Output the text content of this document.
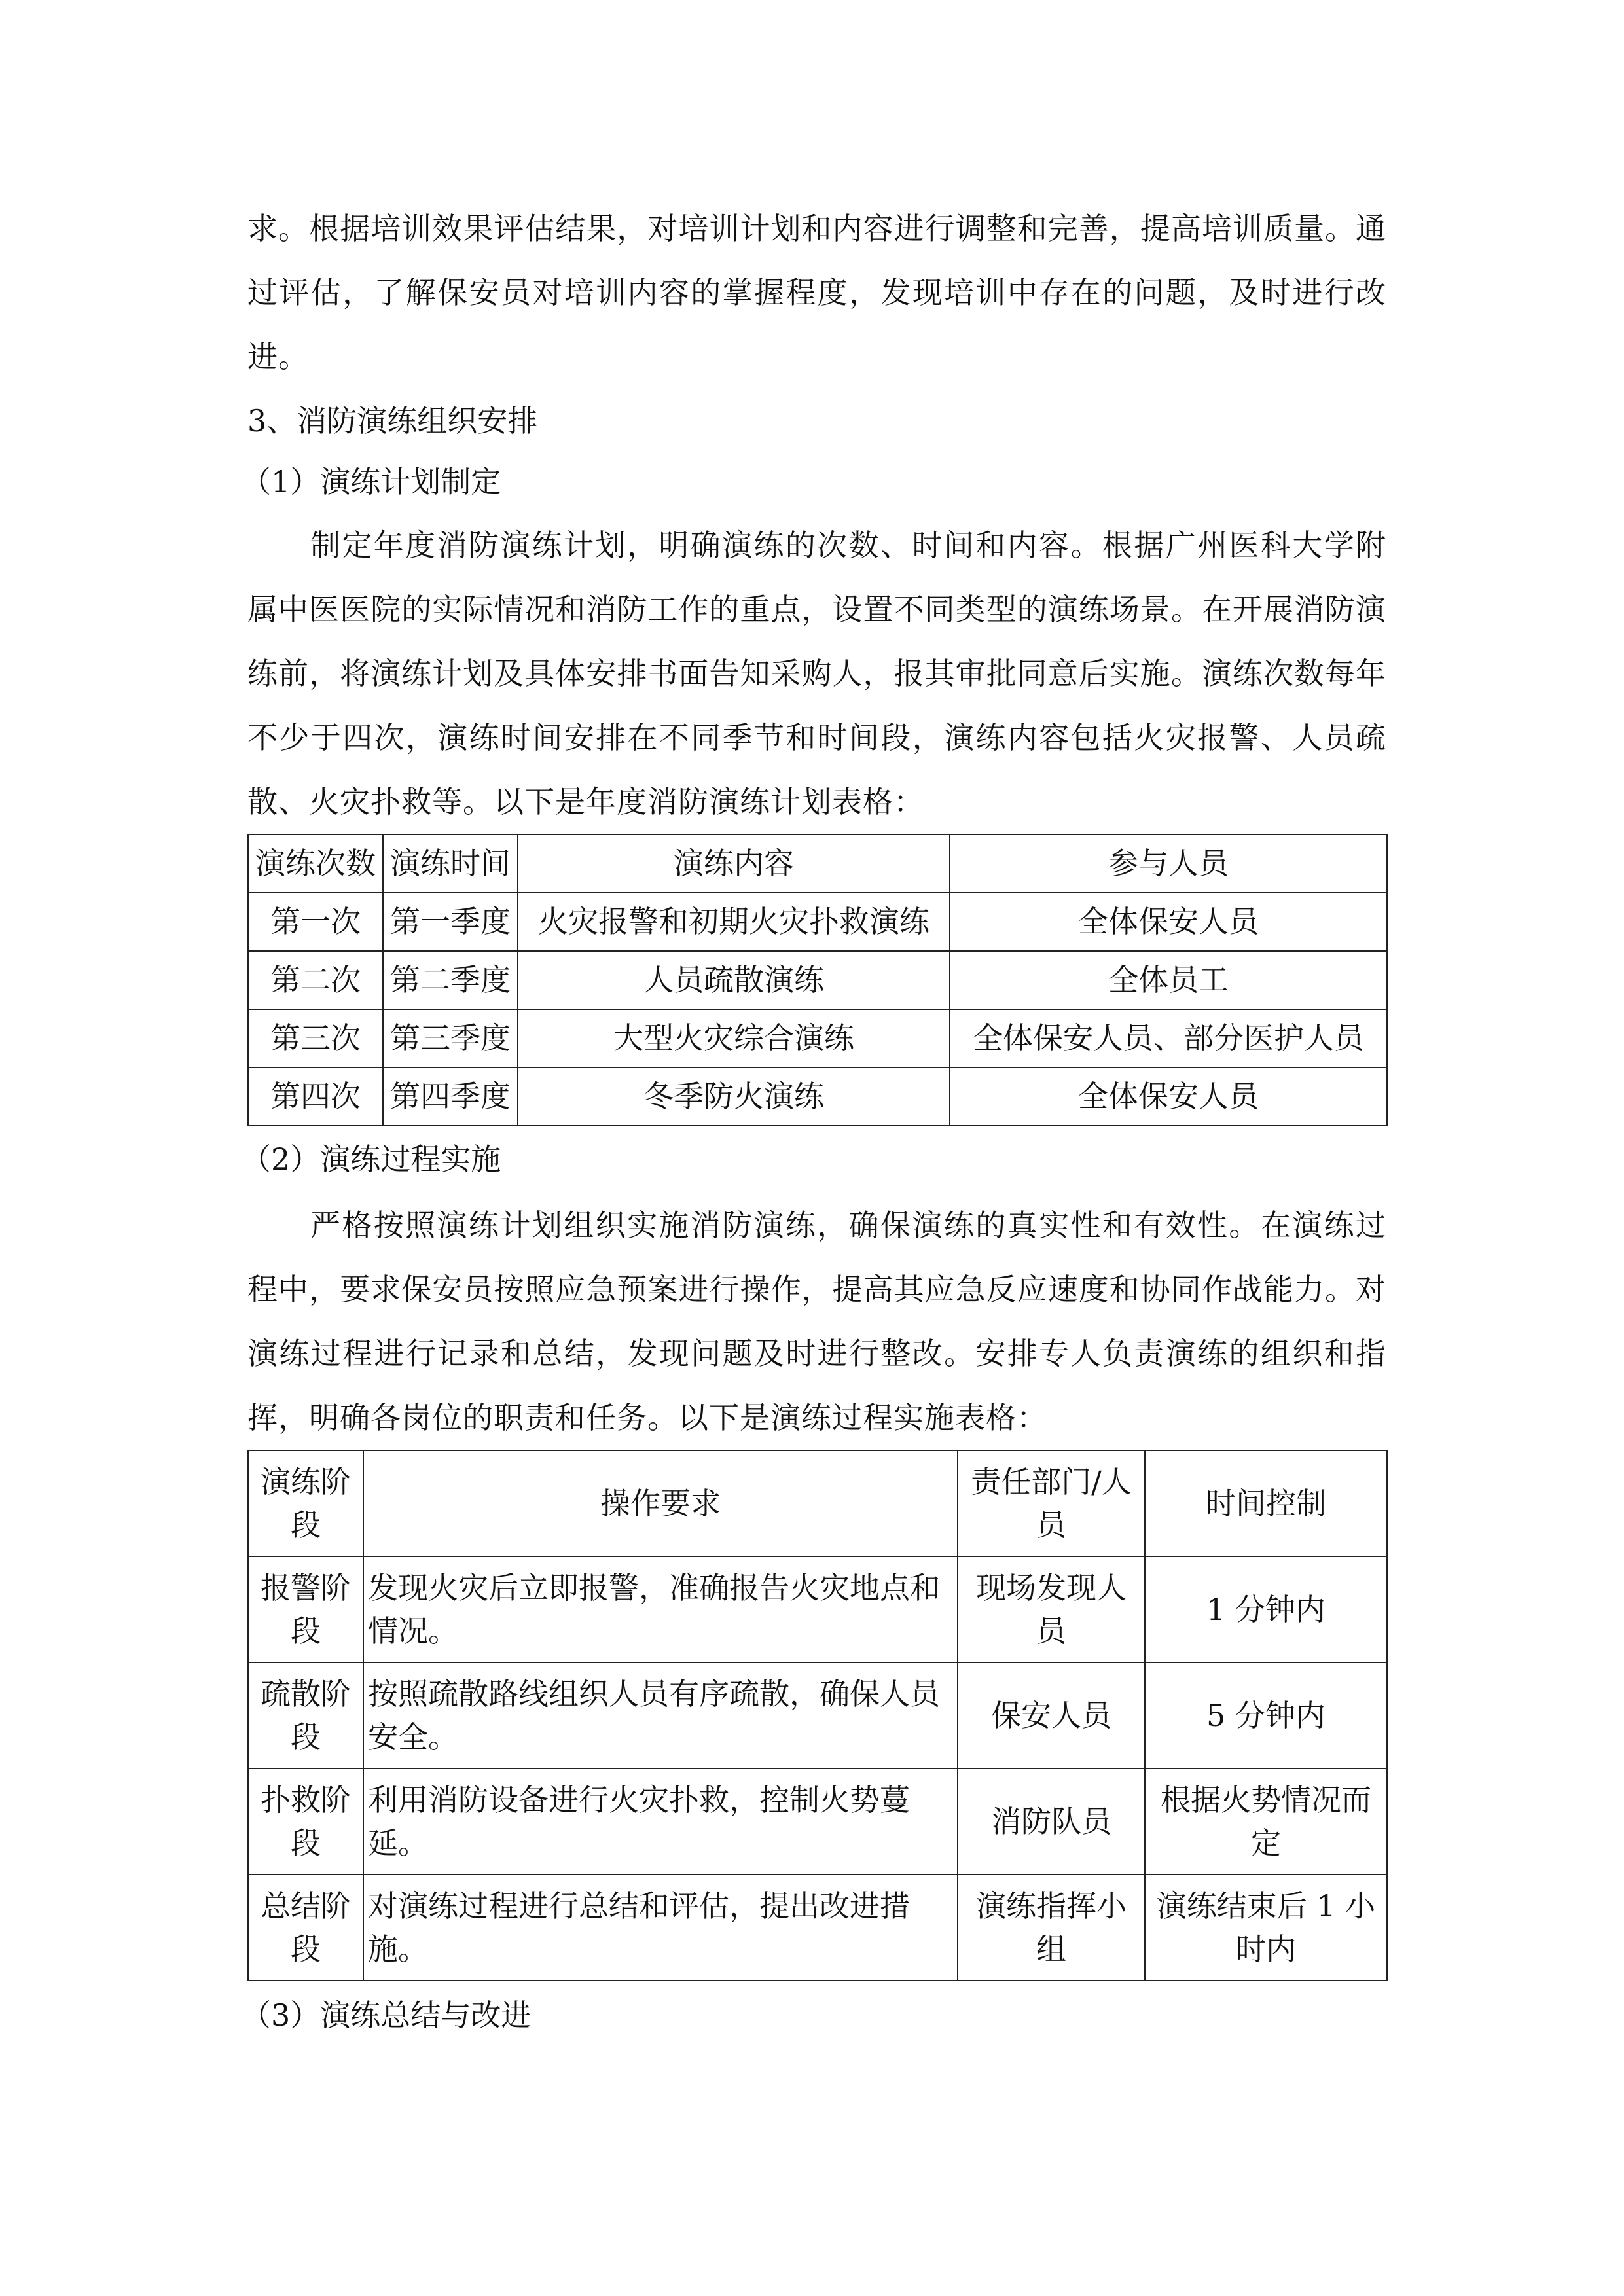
求。根据培训效果评估结果，对培训计划和内容进行调整和完善，提高培训质量。通过评估，了解保安员对培训内容的掌握程度，发现培训中存在的问题，及时进行改进。

3、消防演练组织安排

（1）演练计划制定

制定年度消防演练计划，明确演练的次数、时间和内容。根据广州医科大学附属中医医院的实际情况和消防工作的重点，设置不同类型的演练场景。在开展消防演练前，将演练计划及具体安排书面告知采购人，报其审批同意后实施。演练次数每年不少于四次，演练时间安排在不同季节和时间段，演练内容包括火灾报警、人员疏散、火灾扑救等。以下是年度消防演练计划表格：

演练次数	演练时间	演练内容	参与人员
第一次	第一季度	火灾报警和初期火灾扑救演练	全体保安人员
第二次	第二季度	人员疏散演练	全体员工
第三次	第三季度	大型火灾综合演练	全体保安人员、部分医护人员
第四次	第四季度	冬季防火演练	全体保安人员

（2）演练过程实施

严格按照演练计划组织实施消防演练，确保演练的真实性和有效性。在演练过程中，要求保安员按照应急预案进行操作，提高其应急反应速度和协同作战能力。对演练过程进行记录和总结，发现问题及时进行整改。安排专人负责演练的组织和指挥，明确各岗位的职责和任务。以下是演练过程实施表格：

演练阶段	操作要求	责任部门/人员	时间控制
报警阶段	发现火灾后立即报警，准确报告火灾地点和情况。	现场发现人员	1 分钟内
疏散阶段	按照疏散路线组织人员有序疏散，确保人员安全。	保安人员	5 分钟内
扑救阶段	利用消防设备进行火灾扑救，控制火势蔓延。	消防队员	根据火势情况而定
总结阶段	对演练过程进行总结和评估，提出改进措施。	演练指挥小组	演练结束后 1 小时内

（3）演练总结与改进
